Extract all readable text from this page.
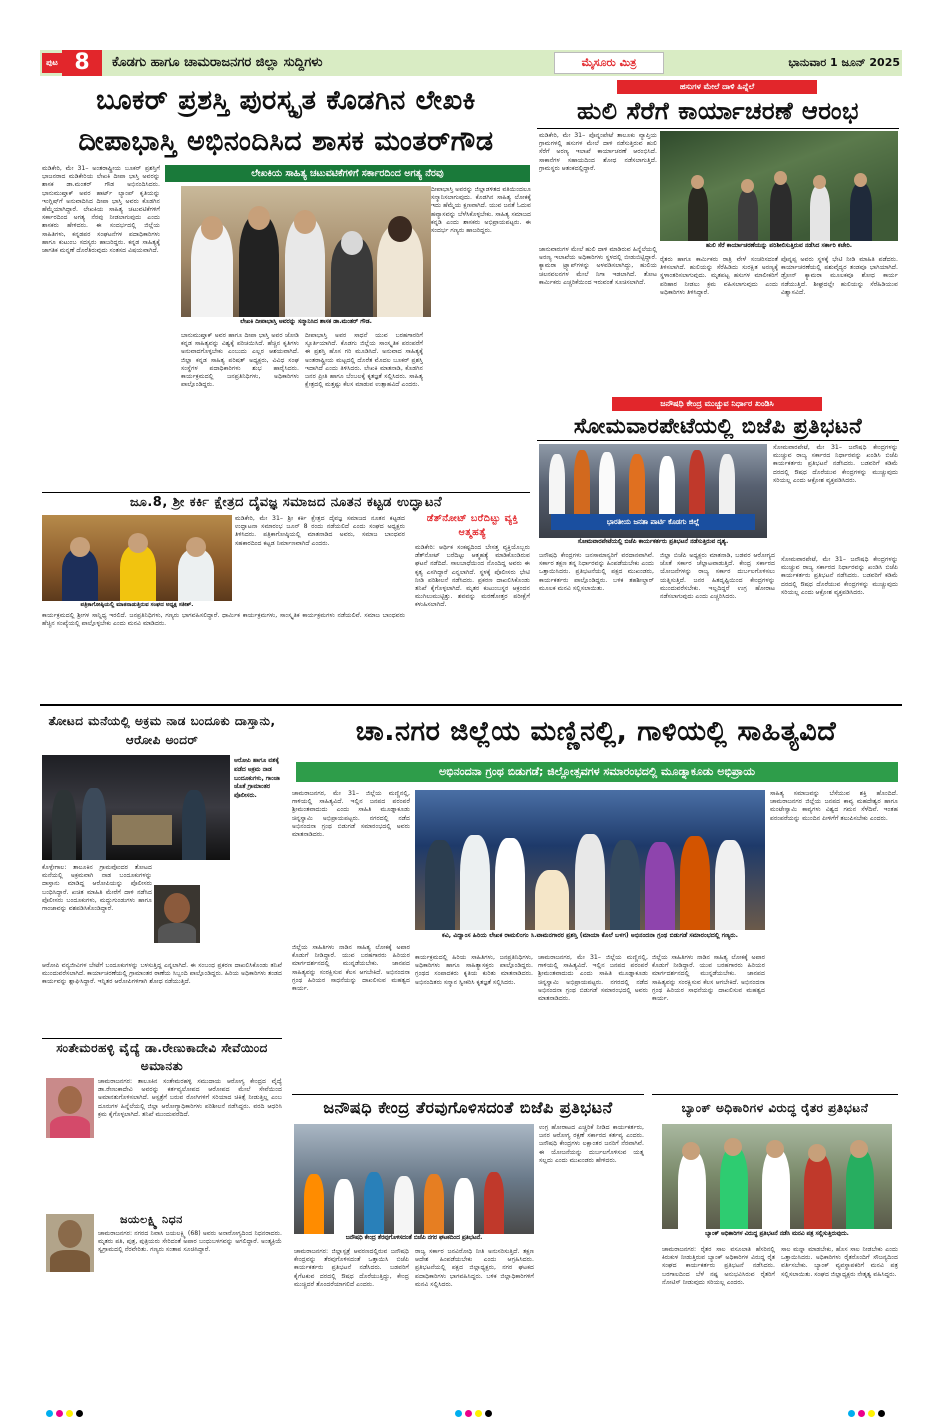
ಪುಟ 8	ಕೊಡಗು ಹಾಗೂ ಚಾಮರಾಜನಗರ ಜಿಲ್ಲಾ ಸುದ್ದಿಗಳು	ಮೈಸೂರು ಮಿತ್ರ	ಭಾನುವಾರ 1 ಜೂನ್ 2025
ಬೂಕರ್ ಪ್ರಶಸ್ತಿ ಪುರಸ್ಕೃತ ಕೊಡಗಿನ ಲೇಖಕಿ
ದೀಪಾಭಾಸ್ತಿ ಅಭಿನಂದಿಸಿದ ಶಾಸಕ ಮಂತರ್‌ಗೌಡ
ಲೇಖಕಿಯ ಸಾಹಿತ್ಯ ಚಟುವಟಿಕೆಗಳಿಗೆ ಸರ್ಕಾರದಿಂದ ಅಗತ್ಯ ನೆರವು
ಮಡಿಕೇರಿ, ಮೇ 31– ಅಂತರಾಷ್ಟ್ರೀಯ ಬೂಕರ್ ಪ್ರಶಸ್ತಿಗೆ ಭಾಜನರಾದ ಮಡಿಕೇರಿಯ ಲೇಖಕಿ ದೀಪಾ ಭಾಸ್ತಿ ಅವರನ್ನು ಶಾಸಕ ಡಾ.ಮಂತರ್ ಗೌಡ ಅಭಿನಂದಿಸಿದರು. ಭಾನುಮುಷ್ತಾಕ್ ಅವರ ಹಾರ್ಟ್ ಲ್ಯಾಂಪ್ ಕೃತಿಯನ್ನು ಇಂಗ್ಲಿಷ್‌ಗೆ ಅನುವಾದಿಸಿದ ದೀಪಾ ಭಾಸ್ತಿ ಅವರು ಕೊಡಗಿನ ಹೆಮ್ಮೆಯಾಗಿದ್ದಾರೆ. ಲೇಖಕಿಯ ಸಾಹಿತ್ಯ ಚಟುವಟಿಕೆಗಳಿಗೆ ಸರ್ಕಾರದಿಂದ ಅಗತ್ಯ ನೆರವು ನೀಡಲಾಗುವುದು ಎಂದು ಶಾಸಕರು ಹೇಳಿದರು. ಈ ಸಂದರ್ಭದಲ್ಲಿ ಜಿಲ್ಲೆಯ ಸಾಹಿತಿಗಳು, ಕನ್ನಡಪರ ಸಂಘಟನೆಗಳ ಪದಾಧಿಕಾರಿಗಳು ಹಾಗೂ ಕುಟುಂಬ ಸದಸ್ಯರು ಹಾಜರಿದ್ದರು. ಕನ್ನಡ ಸಾಹಿತ್ಯಕ್ಕೆ ಜಾಗತಿಕ ಮನ್ನಣೆ ದೊರೆತಿರುವುದು ಸಂತಸದ ವಿಷಯವಾಗಿದೆ.
ಲೇಖಕಿ ದೀಪಾಭಾಸ್ತಿ ಅವರನ್ನು ಸನ್ಮಾನಿಸಿದ ಶಾಸಕ ಡಾ.ಮಂತರ್ ಗೌಡ.
ಬಾನುಮುಷ್ತಾಕ್ ಅವರ ಹಾಗೂ ದೀಪಾ ಭಾಸ್ತಿ ಅವರ ಜೋಡಿ ಕನ್ನಡ ಸಾಹಿತ್ಯವನ್ನು ವಿಶ್ವಕ್ಕೆ ಪರಿಚಯಿಸಿದೆ. ಹೆಚ್ಚಿನ ಕೃತಿಗಳು ಅನುವಾದಗೊಳ್ಳಬೇಕು ಎಂಬುದು ಎಲ್ಲರ ಆಶಯವಾಗಿದೆ. ಜಿಲ್ಲಾ ಕನ್ನಡ ಸಾಹಿತ್ಯ ಪರಿಷತ್ ಅಧ್ಯಕ್ಷರು, ವಿವಿಧ ಸಂಘ ಸಂಸ್ಥೆಗಳ ಪದಾಧಿಕಾರಿಗಳು ಶುಭ ಹಾರೈಸಿದರು. ಕಾರ್ಯಕ್ರಮದಲ್ಲಿ ಜನಪ್ರತಿನಿಧಿಗಳು, ಅಧಿಕಾರಿಗಳು ಪಾಲ್ಗೊಂಡಿದ್ದರು.
ದೀಪಾಭಾಸ್ತಿ ಅವರ ಸಾಧನೆ ಯುವ ಬರಹಗಾರರಿಗೆ ಸ್ಫೂರ್ತಿಯಾಗಿದೆ. ಕೊಡಗು ಜಿಲ್ಲೆಯ ಸಾಂಸ್ಕೃತಿಕ ಪರಂಪರೆಗೆ ಈ ಪ್ರಶಸ್ತಿ ಹೊಸ ಗರಿ ಮೂಡಿಸಿದೆ. ಅನುವಾದ ಸಾಹಿತ್ಯಕ್ಕೆ ಅಂತರಾಷ್ಟ್ರೀಯ ಮಟ್ಟದಲ್ಲಿ ದೊರೆತ ಮೊದಲ ಬೂಕರ್ ಪ್ರಶಸ್ತಿ ಇದಾಗಿದೆ ಎಂದು ತಿಳಿಸಿದರು. ಲೇಖಕಿ ಮಾತನಾಡಿ, ಕೊಡಗಿನ ಜನರ ಪ್ರೀತಿ ಹಾಗೂ ಬೆಂಬಲಕ್ಕೆ ಕೃತಜ್ಞತೆ ಸಲ್ಲಿಸಿದರು. ಸಾಹಿತ್ಯ ಕ್ಷೇತ್ರದಲ್ಲಿ ಮತ್ತಷ್ಟು ಕೆಲಸ ಮಾಡುವ ಉತ್ಸಾಹವಿದೆ ಎಂದರು.
ದೀಪಾಭಾಸ್ತಿ ಅವರನ್ನು ಜಿಲ್ಲಾಡಳಿತದ ವತಿಯಿಂದಲೂ ಸನ್ಮಾನಿಸಲಾಗುವುದು. ಕೊಡಗಿನ ಸಾಹಿತ್ಯ ಲೋಕಕ್ಕೆ ಇದು ಹೆಮ್ಮೆಯ ಕ್ಷಣವಾಗಿದೆ. ಯುವ ಜನತೆ ಓದುವ ಹವ್ಯಾಸವನ್ನು ಬೆಳೆಸಿಕೊಳ್ಳಬೇಕು. ಸಾಹಿತ್ಯ ಸಮಾಜದ ಕನ್ನಡಿ ಎಂದು ಶಾಸಕರು ಅಭಿಪ್ರಾಯಪಟ್ಟರು. ಈ ಸಂದರ್ಭ ಗಣ್ಯರು ಹಾಜರಿದ್ದರು.
ಹಸುಗಳ ಮೇಲೆ ದಾಳಿ ಹಿನ್ನೆಲೆ
ಹುಲಿ ಸೆರೆಗೆ ಕಾರ್ಯಾಚರಣೆ ಆರಂಭ
ಮಡಿಕೇರಿ, ಮೇ 31– ಪೊನ್ನಂಪೇಟೆ ತಾಲೂಕು ವ್ಯಾಪ್ತಿಯ ಗ್ರಾಮಗಳಲ್ಲಿ ಹಸುಗಳ ಮೇಲೆ ದಾಳಿ ನಡೆಸುತ್ತಿರುವ ಹುಲಿ ಸೆರೆಗೆ ಅರಣ್ಯ ಇಲಾಖೆ ಕಾರ್ಯಾಚರಣೆ ಆರಂಭಿಸಿದೆ. ಸಾಕಾನೆಗಳ ಸಹಾಯದಿಂದ ಶೋಧ ನಡೆಸಲಾಗುತ್ತಿದೆ. ಗ್ರಾಮಸ್ಥರು ಆತಂಕದಲ್ಲಿದ್ದಾರೆ.
ಹುಲಿ ಸೆರೆ ಕಾರ್ಯಾಚರಣೆಯನ್ನು ಪರಿಶೀಲಿಸುತ್ತಿರುವ ನಡೆಸಿದ ಸರ್ಕಾರಿ ಕಚೇರಿ.
ಜಾನುವಾರುಗಳ ಮೇಲೆ ಹುಲಿ ದಾಳಿ ಮಾಡಿರುವ ಹಿನ್ನೆಲೆಯಲ್ಲಿ ಅರಣ್ಯ ಇಲಾಖೆಯ ಅಧಿಕಾರಿಗಳು ಸ್ಥಳದಲ್ಲಿ ಬೀಡುಬಿಟ್ಟಿದ್ದಾರೆ. ಕ್ಯಾಮರಾ ಟ್ರ್ಯಾಪ್‌ಗಳನ್ನು ಅಳವಡಿಸಲಾಗಿದ್ದು, ಹುಲಿಯ ಚಲನವಲನಗಳ ಮೇಲೆ ನಿಗಾ ಇಡಲಾಗಿದೆ. ತೋಟ ಕಾರ್ಮಿಕರು ಎಚ್ಚರಿಕೆಯಿಂದ ಇರುವಂತೆ ಸೂಚಿಸಲಾಗಿದೆ.
ರೈತರು ಹಾಗೂ ಕಾರ್ಮಿಕರು ರಾತ್ರಿ ವೇಳೆ ಸಂಚರಿಸದಂತೆ ತಿಳಿಸಲಾಗಿದೆ. ಹುಲಿಯನ್ನು ಸೆರೆಹಿಡಿದು ಸುರಕ್ಷಿತ ಅರಣ್ಯಕ್ಕೆ ಸ್ಥಳಾಂತರಿಸಲಾಗುವುದು. ಮೃತಪಟ್ಟ ಹಸುಗಳ ಮಾಲೀಕರಿಗೆ ಪರಿಹಾರ ನೀಡಲು ಕ್ರಮ ವಹಿಸಲಾಗುವುದು ಎಂದು ಅಧಿಕಾರಿಗಳು ತಿಳಿಸಿದ್ದಾರೆ.
ಪೊನ್ನಪ್ಪ ಅವರು ಸ್ಥಳಕ್ಕೆ ಭೇಟಿ ನೀಡಿ ಮಾಹಿತಿ ಪಡೆದರು. ಕಾರ್ಯಾಚರಣೆಯಲ್ಲಿ ಪಶುವೈದ್ಯರ ತಂಡವೂ ಭಾಗಿಯಾಗಿದೆ. ಡ್ರೋನ್ ಕ್ಯಾಮರಾ ಮೂಲಕವೂ ಶೋಧ ಕಾರ್ಯ ನಡೆಯುತ್ತಿದೆ. ಶೀಘ್ರದಲ್ಲೇ ಹುಲಿಯನ್ನು ಸೆರೆಹಿಡಿಯುವ ವಿಶ್ವಾಸವಿದೆ.
ಜನೌಷಧಿ ಕೇಂದ್ರ ಮುಚ್ಚುವ ನಿರ್ಧಾರ ಖಂಡಿಸಿ
ಸೋಮವಾರಪೇಟೆಯಲ್ಲಿ ಬಿಜೆಪಿ ಪ್ರತಿಭಟನೆ
ಭಾರತೀಯ ಜನತಾ ಪಾರ್ಟಿ ಕೊಡಗು ಜಿಲ್ಲೆ
ಸೋಮವಾರಪೇಟೆಯಲ್ಲಿ ಬಿಜೆಪಿ ಕಾರ್ಯಕರ್ತರು ಪ್ರತಿಭಟನೆ ನಡೆಸುತ್ತಿರುವ ದೃಶ್ಯ.
ಸೋಮವಾರಪೇಟೆ, ಮೇ 31– ಜನೌಷಧಿ ಕೇಂದ್ರಗಳನ್ನು ಮುಚ್ಚುವ ರಾಜ್ಯ ಸರ್ಕಾರದ ನಿರ್ಧಾರವನ್ನು ಖಂಡಿಸಿ ಬಿಜೆಪಿ ಕಾರ್ಯಕರ್ತರು ಪ್ರತಿಭಟನೆ ನಡೆಸಿದರು. ಬಡವರಿಗೆ ಕಡಿಮೆ ದರದಲ್ಲಿ ಔಷಧ ದೊರೆಯುವ ಕೇಂದ್ರಗಳನ್ನು ಮುಚ್ಚುವುದು ಸರಿಯಲ್ಲ ಎಂದು ಆಕ್ರೋಶ ವ್ಯಕ್ತಪಡಿಸಿದರು.
ಜನೌಷಧಿ ಕೇಂದ್ರಗಳು ಜನಸಾಮಾನ್ಯರಿಗೆ ವರದಾನವಾಗಿವೆ. ಸರ್ಕಾರ ತಕ್ಷಣ ತನ್ನ ನಿರ್ಧಾರವನ್ನು ಹಿಂಪಡೆಯಬೇಕು ಎಂದು ಒತ್ತಾಯಿಸಿದರು. ಪ್ರತಿಭಟನೆಯಲ್ಲಿ ಪಕ್ಷದ ಮುಖಂಡರು, ಕಾರ್ಯಕರ್ತರು ಪಾಲ್ಗೊಂಡಿದ್ದರು. ಬಳಿಕ ತಹಶೀಲ್ದಾರ್ ಮೂಲಕ ಮನವಿ ಸಲ್ಲಿಸಲಾಯಿತು.
ಜಿಲ್ಲಾ ಬಿಜೆಪಿ ಅಧ್ಯಕ್ಷರು ಮಾತನಾಡಿ, ಬಡವರ ಆರೋಗ್ಯದ ಜೊತೆ ಸರ್ಕಾರ ಚೆಲ್ಲಾಟವಾಡುತ್ತಿದೆ. ಕೇಂದ್ರ ಸರ್ಕಾರದ ಯೋಜನೆಗಳನ್ನು ರಾಜ್ಯ ಸರ್ಕಾರ ದುರ್ಬಲಗೊಳಿಸಲು ಯತ್ನಿಸುತ್ತಿದೆ. ಜನರ ಹಿತದೃಷ್ಟಿಯಿಂದ ಕೇಂದ್ರಗಳನ್ನು ಮುಂದುವರೆಸಬೇಕು. ಇಲ್ಲದಿದ್ದರೆ ಉಗ್ರ ಹೋರಾಟ ನಡೆಸಲಾಗುವುದು ಎಂದು ಎಚ್ಚರಿಸಿದರು.
ಸೋಮವಾರಪೇಟೆ, ಮೇ 31– ಜನೌಷಧಿ ಕೇಂದ್ರಗಳನ್ನು ಮುಚ್ಚುವ ರಾಜ್ಯ ಸರ್ಕಾರದ ನಿರ್ಧಾರವನ್ನು ಖಂಡಿಸಿ ಬಿಜೆಪಿ ಕಾರ್ಯಕರ್ತರು ಪ್ರತಿಭಟನೆ ನಡೆಸಿದರು. ಬಡವರಿಗೆ ಕಡಿಮೆ ದರದಲ್ಲಿ ಔಷಧ ದೊರೆಯುವ ಕೇಂದ್ರಗಳನ್ನು ಮುಚ್ಚುವುದು ಸರಿಯಲ್ಲ ಎಂದು ಆಕ್ರೋಶ ವ್ಯಕ್ತಪಡಿಸಿದರು.
ಜೂ.8, ಶ್ರೀ ಕರ್ಕಿ ಕ್ಷೇತ್ರದ ದೈವಜ್ಞ ಸಮಾಜದ ನೂತನ ಕಟ್ಟಡ ಉದ್ಘಾಟನೆ
ಪತ್ರಿಕಾಗೋಷ್ಠಿಯಲ್ಲಿ ಮಾತನಾಡುತ್ತಿರುವ ಸಂಘದ ಅಧ್ಯಕ್ಷ ಸತೀಶ್.
ಮಡಿಕೇರಿ, ಮೇ 31– ಶ್ರೀ ಕರ್ಕಿ ಕ್ಷೇತ್ರದ ದೈವಜ್ಞ ಸಮಾಜದ ನೂತನ ಕಟ್ಟಡದ ಉದ್ಘಾಟನಾ ಸಮಾರಂಭ ಜೂನ್ 8 ರಂದು ನಡೆಯಲಿದೆ ಎಂದು ಸಂಘದ ಅಧ್ಯಕ್ಷರು ತಿಳಿಸಿದರು. ಪತ್ರಿಕಾಗೋಷ್ಠಿಯಲ್ಲಿ ಮಾತನಾಡಿದ ಅವರು, ಸಮಾಜ ಬಾಂಧವರ ಸಹಕಾರದಿಂದ ಕಟ್ಟಡ ನಿರ್ಮಾಣವಾಗಿದೆ ಎಂದರು.
ಕಾರ್ಯಕ್ರಮದಲ್ಲಿ ಶ್ರೀಗಳ ಸಾನ್ನಿಧ್ಯ ಇರಲಿದೆ. ಜನಪ್ರತಿನಿಧಿಗಳು, ಗಣ್ಯರು ಭಾಗವಹಿಸಲಿದ್ದಾರೆ. ಧಾರ್ಮಿಕ ಕಾರ್ಯಕ್ರಮಗಳು, ಸಾಂಸ್ಕೃತಿಕ ಕಾರ್ಯಕ್ರಮಗಳು ನಡೆಯಲಿವೆ. ಸಮಾಜ ಬಾಂಧವರು ಹೆಚ್ಚಿನ ಸಂಖ್ಯೆಯಲ್ಲಿ ಪಾಲ್ಗೊಳ್ಳಬೇಕು ಎಂದು ಮನವಿ ಮಾಡಿದರು.
ಡೆತ್‌ನೋಟ್ ಬರೆದಿಟ್ಟು ವ್ಯಕ್ತಿ ಆತ್ಮಹತ್ಯೆ
ಮಡಿಕೇರಿ: ಆರ್ಥಿಕ ಸಂಕಷ್ಟದಿಂದ ಬೇಸತ್ತ ವ್ಯಕ್ತಿಯೊಬ್ಬರು ಡೆತ್‌ನೋಟ್ ಬರೆದಿಟ್ಟು ಆತ್ಮಹತ್ಯೆ ಮಾಡಿಕೊಂಡಿರುವ ಘಟನೆ ನಡೆದಿದೆ. ಸಾಲಬಾಧೆಯಿಂದ ನೊಂದಿದ್ದ ಅವರು ಈ ಕೃತ್ಯ ಎಸಗಿದ್ದಾರೆ ಎನ್ನಲಾಗಿದೆ. ಸ್ಥಳಕ್ಕೆ ಪೊಲೀಸರು ಭೇಟಿ ನೀಡಿ ಪರಿಶೀಲನೆ ನಡೆಸಿದರು. ಪ್ರಕರಣ ದಾಖಲಿಸಿಕೊಂಡು ತನಿಖೆ ಕೈಗೊಳ್ಳಲಾಗಿದೆ. ಮೃತರ ಕುಟುಂಬಸ್ಥರ ಆಕ್ರಂದನ ಮುಗಿಲುಮುಟ್ಟಿತ್ತು. ಶವವನ್ನು ಮರಣೋತ್ತರ ಪರೀಕ್ಷೆಗೆ ಕಳುಹಿಸಲಾಗಿದೆ.
ತೋಟದ ಮನೆಯಲ್ಲಿ ಅಕ್ರಮ ನಾಡ ಬಂದೂಕು ದಾಸ್ತಾನು, ಆರೋಪಿ ಅಂದರ್
ಆರೋಪಿ ಹಾಗೂ ವಶಕ್ಕೆ ಪಡೆದ ಅಕ್ರಮ ನಾಡ ಬಂದೂಕುಗಳು, ಗಾಂಜಾ ಜೊತೆ ಗ್ರಾಮಾಂತರ ಪೊಲೀಸರು.
ಕೊಳ್ಳೇಗಾಲ: ತಾಲೂಕಿನ ಗ್ರಾಮವೊಂದರ ತೋಟದ ಮನೆಯಲ್ಲಿ ಅಕ್ರಮವಾಗಿ ನಾಡ ಬಂದೂಕುಗಳನ್ನು ದಾಸ್ತಾನು ಮಾಡಿದ್ದ ಆರೋಪಿಯನ್ನು ಪೊಲೀಸರು ಬಂಧಿಸಿದ್ದಾರೆ. ಖಚಿತ ಮಾಹಿತಿ ಮೇರೆಗೆ ದಾಳಿ ನಡೆಸಿದ ಪೊಲೀಸರು ಬಂದೂಕುಗಳು, ಮದ್ದುಗುಂಡುಗಳು ಹಾಗೂ ಗಾಂಜಾವನ್ನು ವಶಪಡಿಸಿಕೊಂಡಿದ್ದಾರೆ.
ಆರೋಪಿ ವನ್ಯಜೀವಿಗಳ ಬೇಟೆಗೆ ಬಂದೂಕುಗಳನ್ನು ಬಳಸುತ್ತಿದ್ದ ಎನ್ನಲಾಗಿದೆ. ಈ ಸಂಬಂಧ ಪ್ರಕರಣ ದಾಖಲಿಸಿಕೊಂಡು ತನಿಖೆ ಮುಂದುವರೆಸಲಾಗಿದೆ. ಕಾರ್ಯಾಚರಣೆಯಲ್ಲಿ ಗ್ರಾಮಾಂತರ ಠಾಣೆಯ ಸಿಬ್ಬಂದಿ ಪಾಲ್ಗೊಂಡಿದ್ದರು. ಹಿರಿಯ ಅಧಿಕಾರಿಗಳು ತಂಡದ ಕಾರ್ಯವನ್ನು ಶ್ಲಾಘಿಸಿದ್ದಾರೆ. ಇನ್ನಿತರ ಆರೋಪಿಗಳಿಗಾಗಿ ಶೋಧ ನಡೆಯುತ್ತಿದೆ.
ಚಾ.ನಗರ ಜಿಲ್ಲೆಯ ಮಣ್ಣಿನಲ್ಲಿ, ಗಾಳಿಯಲ್ಲಿ ಸಾಹಿತ್ಯವಿದೆ
ಅಭಿನಂದನಾ ಗ್ರಂಥ ಬಿಡುಗಡೆ; ಜಿಲ್ಲೋತ್ಸವಗಳ ಸಮಾರಂಭದಲ್ಲಿ ಮೂಡ್ನಾಕೂಡು ಅಭಿಪ್ರಾಯ
ಚಾಮರಾಜನಗರ, ಮೇ 31– ಜಿಲ್ಲೆಯ ಮಣ್ಣಿನಲ್ಲಿ, ಗಾಳಿಯಲ್ಲಿ ಸಾಹಿತ್ಯವಿದೆ. ಇಲ್ಲಿನ ಜನಪದ ಪರಂಪರೆ ಶ್ರೀಮಂತವಾದುದು ಎಂದು ಸಾಹಿತಿ ಮೂಡ್ನಾಕೂಡು ಚಿನ್ನಸ್ವಾಮಿ ಅಭಿಪ್ರಾಯಪಟ್ಟರು. ನಗರದಲ್ಲಿ ನಡೆದ ಅಭಿನಂದನಾ ಗ್ರಂಥ ಬಿಡುಗಡೆ ಸಮಾರಂಭದಲ್ಲಿ ಅವರು ಮಾತನಾಡಿದರು.
ಕವಿ, ವಿದ್ವಾಂಸ ಹಿರಿಯ ಲೇಖಕ ರಾಮಲಿಂಗಂ ಸಿ.ವಾಮನಗಾರರ ಪ್ರಶಸ್ತಿ (ಮಾಯಾ ಕೊಲೆ ಬಳಗ) ಅಭಿನಂದನಾ ಗ್ರಂಥ ಬಿಡುಗಡೆ ಸಮಾರಂಭದಲ್ಲಿ ಗಣ್ಯರು.
ಸಾಹಿತ್ಯ ಸಮಾಜವನ್ನು ಬೆಸೆಯುವ ಶಕ್ತಿ ಹೊಂದಿದೆ. ಚಾಮರಾಜನಗರ ಜಿಲ್ಲೆಯ ಜನಪದ ಕಾವ್ಯ ಮಹದೇಶ್ವರ ಹಾಗೂ ಮಂಟೇಸ್ವಾಮಿ ಕಾವ್ಯಗಳು ವಿಶ್ವದ ಗಮನ ಸೆಳೆದಿವೆ. ಇಂತಹ ಪರಂಪರೆಯನ್ನು ಮುಂದಿನ ಪೀಳಿಗೆಗೆ ತಲುಪಿಸಬೇಕು ಎಂದರು.
ಜಿಲ್ಲೆಯ ಸಾಹಿತಿಗಳು ನಾಡಿನ ಸಾಹಿತ್ಯ ಲೋಕಕ್ಕೆ ಅಪಾರ ಕೊಡುಗೆ ನೀಡಿದ್ದಾರೆ. ಯುವ ಬರಹಗಾರರು ಹಿರಿಯರ ಮಾರ್ಗದರ್ಶನದಲ್ಲಿ ಮುನ್ನಡೆಯಬೇಕು. ಜಾನಪದ ಸಾಹಿತ್ಯವನ್ನು ಸಂರಕ್ಷಿಸುವ ಕೆಲಸ ಆಗಬೇಕಿದೆ. ಅಭಿನಂದನಾ ಗ್ರಂಥ ಹಿರಿಯರ ಸಾಧನೆಯನ್ನು ದಾಖಲಿಸುವ ಮಹತ್ವದ ಕಾರ್ಯ.
ಕಾರ್ಯಕ್ರಮದಲ್ಲಿ ಹಿರಿಯ ಸಾಹಿತಿಗಳು, ಜನಪ್ರತಿನಿಧಿಗಳು, ಅಧಿಕಾರಿಗಳು ಹಾಗೂ ಸಾಹಿತ್ಯಾಸಕ್ತರು ಪಾಲ್ಗೊಂಡಿದ್ದರು. ಗ್ರಂಥದ ಸಂಪಾದಕರು ಕೃತಿಯ ಕುರಿತು ಮಾತನಾಡಿದರು. ಅಭಿನಂದಿತರು ಸನ್ಮಾನ ಸ್ವೀಕರಿಸಿ ಕೃತಜ್ಞತೆ ಸಲ್ಲಿಸಿದರು.
ಚಾಮರಾಜನಗರ, ಮೇ 31– ಜಿಲ್ಲೆಯ ಮಣ್ಣಿನಲ್ಲಿ, ಗಾಳಿಯಲ್ಲಿ ಸಾಹಿತ್ಯವಿದೆ. ಇಲ್ಲಿನ ಜನಪದ ಪರಂಪರೆ ಶ್ರೀಮಂತವಾದುದು ಎಂದು ಸಾಹಿತಿ ಮೂಡ್ನಾಕೂಡು ಚಿನ್ನಸ್ವಾಮಿ ಅಭಿಪ್ರಾಯಪಟ್ಟರು. ನಗರದಲ್ಲಿ ನಡೆದ ಅಭಿನಂದನಾ ಗ್ರಂಥ ಬಿಡುಗಡೆ ಸಮಾರಂಭದಲ್ಲಿ ಅವರು ಮಾತನಾಡಿದರು.
ಜಿಲ್ಲೆಯ ಸಾಹಿತಿಗಳು ನಾಡಿನ ಸಾಹಿತ್ಯ ಲೋಕಕ್ಕೆ ಅಪಾರ ಕೊಡುಗೆ ನೀಡಿದ್ದಾರೆ. ಯುವ ಬರಹಗಾರರು ಹಿರಿಯರ ಮಾರ್ಗದರ್ಶನದಲ್ಲಿ ಮುನ್ನಡೆಯಬೇಕು. ಜಾನಪದ ಸಾಹಿತ್ಯವನ್ನು ಸಂರಕ್ಷಿಸುವ ಕೆಲಸ ಆಗಬೇಕಿದೆ. ಅಭಿನಂದನಾ ಗ್ರಂಥ ಹಿರಿಯರ ಸಾಧನೆಯನ್ನು ದಾಖಲಿಸುವ ಮಹತ್ವದ ಕಾರ್ಯ.
ಸಂತೇಮರಹಳ್ಳಿ ವೈದ್ಯೆ ಡಾ.ರೇಣುಕಾದೇವಿ ಸೇವೆಯಿಂದ ಅಮಾನತು
ಚಾಮರಾಜನಗರ: ತಾಲೂಕಿನ ಸಂತೇಮರಹಳ್ಳಿ ಸಮುದಾಯ ಆರೋಗ್ಯ ಕೇಂದ್ರದ ವೈದ್ಯೆ ಡಾ.ರೇಣುಕಾದೇವಿ ಅವರನ್ನು ಕರ್ತವ್ಯಲೋಪದ ಆರೋಪದ ಮೇಲೆ ಸೇವೆಯಿಂದ ಅಮಾನತುಗೊಳಿಸಲಾಗಿದೆ. ಆಸ್ಪತ್ರೆಗೆ ಬರುವ ರೋಗಿಗಳಿಗೆ ಸರಿಯಾದ ಚಿಕಿತ್ಸೆ ನೀಡುತ್ತಿಲ್ಲ ಎಂಬ ದೂರುಗಳ ಹಿನ್ನೆಲೆಯಲ್ಲಿ ಜಿಲ್ಲಾ ಆರೋಗ್ಯಾಧಿಕಾರಿಗಳು ಪರಿಶೀಲನೆ ನಡೆಸಿದ್ದರು. ವರದಿ ಆಧರಿಸಿ ಕ್ರಮ ಕೈಗೊಳ್ಳಲಾಗಿದೆ. ತನಿಖೆ ಮುಂದುವರೆದಿದೆ.
ಜಯಲಕ್ಷ್ಮಿ ನಿಧನ
ಚಾಮರಾಜನಗರ: ನಗರದ ನಿವಾಸಿ ಜಯಲಕ್ಷ್ಮಿ (68) ಅವರು ಅನಾರೋಗ್ಯದಿಂದ ನಿಧನರಾದರು. ಮೃತರು ಪತಿ, ಪುತ್ರ, ಪುತ್ರಿಯರು ಸೇರಿದಂತೆ ಅಪಾರ ಬಂಧುಬಳಗವನ್ನು ಅಗಲಿದ್ದಾರೆ. ಅಂತ್ಯಕ್ರಿಯೆ ಸ್ವಗ್ರಾಮದಲ್ಲಿ ನೆರವೇರಿತು. ಗಣ್ಯರು ಸಂತಾಪ ಸೂಚಿಸಿದ್ದಾರೆ.
ಜನೌಷಧಿ ಕೇಂದ್ರ ತೆರವುಗೊಳಿಸದಂತೆ ಬಿಜೆಪಿ ಪ್ರತಿಭಟನೆ
ಜನೌಷಧಿ ಕೇಂದ್ರ ತೆರವುಗೊಳಿಸದಂತೆ ಬಿಜೆಪಿ ನಗರ ಘಟಕದಿಂದ ಪ್ರತಿಭಟನೆ.
ಉಗ್ರ ಹೋರಾಟದ ಎಚ್ಚರಿಕೆ ನೀಡಿದ ಕಾರ್ಯಕರ್ತರು, ಜನರ ಆರೋಗ್ಯ ರಕ್ಷಣೆ ಸರ್ಕಾರದ ಕರ್ತವ್ಯ ಎಂದರು. ಜನೌಷಧಿ ಕೇಂದ್ರಗಳು ಲಕ್ಷಾಂತರ ಜನರಿಗೆ ನೆರವಾಗಿವೆ. ಈ ಯೋಜನೆಯನ್ನು ದುರ್ಬಲಗೊಳಿಸುವ ಯತ್ನ ಸಲ್ಲದು ಎಂದು ಮುಖಂಡರು ಹೇಳಿದರು.
ಚಾಮರಾಜನಗರ: ಜಿಲ್ಲಾಸ್ಪತ್ರೆ ಆವರಣದಲ್ಲಿರುವ ಜನೌಷಧಿ ಕೇಂದ್ರವನ್ನು ತೆರವುಗೊಳಿಸದಂತೆ ಒತ್ತಾಯಿಸಿ ಬಿಜೆಪಿ ಕಾರ್ಯಕರ್ತರು ಪ್ರತಿಭಟನೆ ನಡೆಸಿದರು. ಬಡವರಿಗೆ ಕೈಗೆಟಕುವ ದರದಲ್ಲಿ ಔಷಧ ದೊರೆಯುತ್ತಿದ್ದು, ಕೇಂದ್ರ ಮುಚ್ಚಿದರೆ ತೊಂದರೆಯಾಗಲಿದೆ ಎಂದರು.
ರಾಜ್ಯ ಸರ್ಕಾರ ಜನವಿರೋಧಿ ನೀತಿ ಅನುಸರಿಸುತ್ತಿದೆ. ತಕ್ಷಣ ಆದೇಶ ಹಿಂಪಡೆಯಬೇಕು ಎಂದು ಆಗ್ರಹಿಸಿದರು. ಪ್ರತಿಭಟನೆಯಲ್ಲಿ ಪಕ್ಷದ ಜಿಲ್ಲಾಧ್ಯಕ್ಷರು, ನಗರ ಘಟಕದ ಪದಾಧಿಕಾರಿಗಳು ಭಾಗವಹಿಸಿದ್ದರು. ಬಳಿಕ ಜಿಲ್ಲಾಧಿಕಾರಿಗಳಿಗೆ ಮನವಿ ಸಲ್ಲಿಸಿದರು.
ಬ್ಯಾಂಕ್ ಅಧಿಕಾರಿಗಳ ವಿರುದ್ಧ ರೈತರ ಪ್ರತಿಭಟನೆ
ಬ್ಯಾಂಕ್ ಅಧಿಕಾರಿಗಳ ವಿರುದ್ಧ ಪ್ರತಿಭಟನೆ ನಡೆಸಿ ಮನವಿ ಪತ್ರ ಸಲ್ಲಿಸುತ್ತಿರುವುದು.
ಚಾಮರಾಜನಗರ: ರೈತರ ಸಾಲ ವಸೂಲಾತಿ ಹೆಸರಿನಲ್ಲಿ ಕಿರುಕುಳ ನೀಡುತ್ತಿರುವ ಬ್ಯಾಂಕ್ ಅಧಿಕಾರಿಗಳ ವಿರುದ್ಧ ರೈತ ಸಂಘದ ಕಾರ್ಯಕರ್ತರು ಪ್ರತಿಭಟನೆ ನಡೆಸಿದರು. ಬರಗಾಲದಿಂದ ಬೆಳೆ ನಷ್ಟ ಅನುಭವಿಸಿರುವ ರೈತರಿಗೆ ನೋಟಿಸ್ ನೀಡುವುದು ಸರಿಯಲ್ಲ ಎಂದರು.
ಸಾಲ ಮನ್ನಾ ಮಾಡಬೇಕು, ಹೊಸ ಸಾಲ ನೀಡಬೇಕು ಎಂದು ಒತ್ತಾಯಿಸಿದರು. ಅಧಿಕಾರಿಗಳು ರೈತರೊಂದಿಗೆ ಸೌಜನ್ಯದಿಂದ ವರ್ತಿಸಬೇಕು. ಬ್ಯಾಂಕ್ ವ್ಯವಸ್ಥಾಪಕರಿಗೆ ಮನವಿ ಪತ್ರ ಸಲ್ಲಿಸಲಾಯಿತು. ಸಂಘದ ಜಿಲ್ಲಾಧ್ಯಕ್ಷರು ನೇತೃತ್ವ ವಹಿಸಿದ್ದರು.
